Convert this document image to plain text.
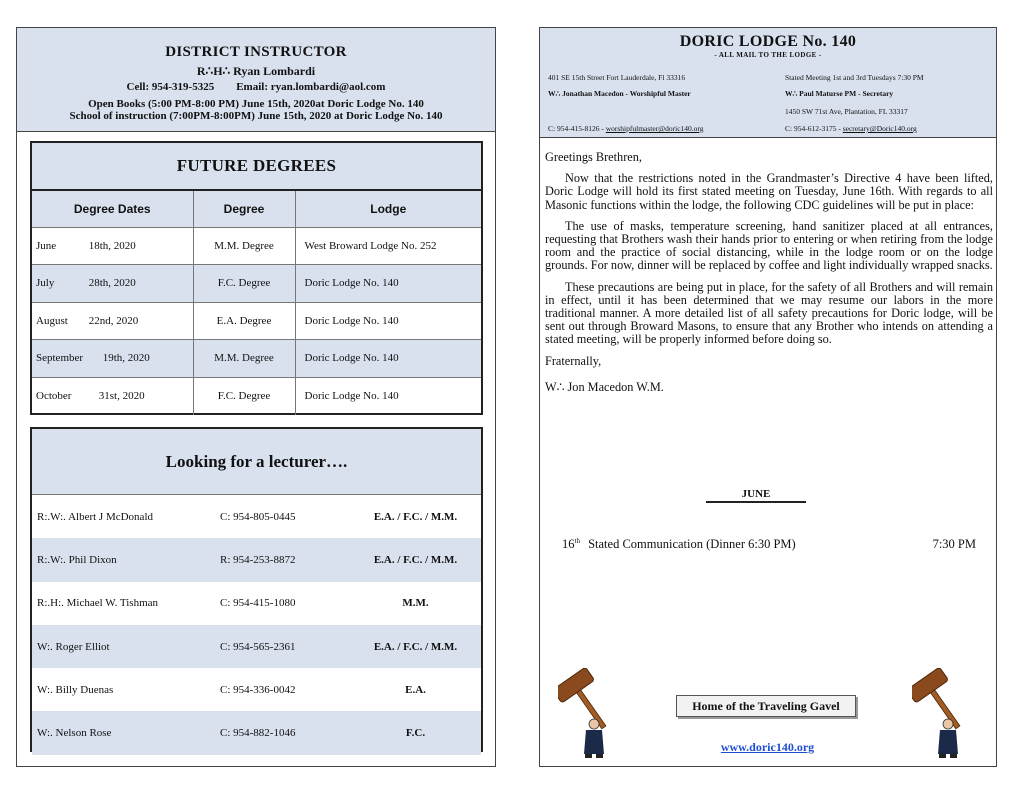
DISTRICT INSTRUCTOR
R∴H∴ Ryan Lombardi
Cell: 954-319-5325 Email: ryan.lombardi@aol.com
Open Books (5:00 PM-8:00 PM) June 15th, 2020at Doric Lodge No. 140
School of instruction (7:00PM-8:00PM) June 15th, 2020 at Doric Lodge No. 140
FUTURE DEGREES
Degree Dates	Degree	Lodge
June 18th, 2020	M.M. Degree	West Broward Lodge No. 252
July 28th, 2020	F.C. Degree	Doric Lodge No. 140
August 22nd, 2020	E.A. Degree	Doric Lodge No. 140
September 19th, 2020	M.M. Degree	Doric Lodge No. 140
October 31st, 2020	F.C. Degree	Doric Lodge No. 140
Looking for a lecturer….
R:.W:. Albert J McDonald	C: 954-805-0445	E.A. / F.C. / M.M.
R:.W:. Phil Dixon	R: 954-253-8872	E.A. / F.C. / M.M.
R:.H:. Michael W. Tishman	C: 954-415-1080	M.M.
W:. Roger Elliot	C: 954-565-2361	E.A. / F.C. / M.M.
W:. Billy Duenas	C: 954-336-0042	E.A.
W:. Nelson Rose	C: 954-882-1046	F.C.
DORIC LODGE No. 140
- ALL MAIL TO THE LODGE -
401 SE 15th Street Fort Lauderdale, Fl 33316	Stated Meeting 1st and 3rd Tuesdays 7:30 PM
W∴ Jonathan Macedon - Worshipful Master	W∴ Paul Maturse PM - Secretary
1450 SW 71st Ave, Plantation, FL 33317
C: 954-415-8126 - worshipfulmaster@doric140.org	C: 954-612-3175 - secretary@Doric140.org

Greetings Brethren,

Now that the restrictions noted in the Grandmaster’s Directive 4 have been lifted, Doric Lodge will hold its first stated meeting on Tuesday, June 16th. With regards to all Masonic functions within the lodge, the following CDC guidelines will be put in place:

The use of masks, temperature screening, hand sanitizer placed at all entrances, requesting that Brothers wash their hands prior to entering or when retiring from the lodge room and the practice of social distancing, while in the lodge room or on the lodge grounds. For now, dinner will be replaced by coffee and light individually wrapped snacks.

These precautions are being put in place, for the safety of all Brothers and will remain in effect, until it has been determined that we may resume our labors in the more traditional manner. A more detailed list of all safety precautions for Doric lodge, will be sent out through Broward Masons, to ensure that any Brother who intends on attending a stated meeting, will be properly informed before doing so.

Fraternally,

W∴ Jon Macedon W.M.

JUNE
16th Stated Communication (Dinner 6:30 PM)	7:30 PM
Home of the Traveling Gavel
www.doric140.org
